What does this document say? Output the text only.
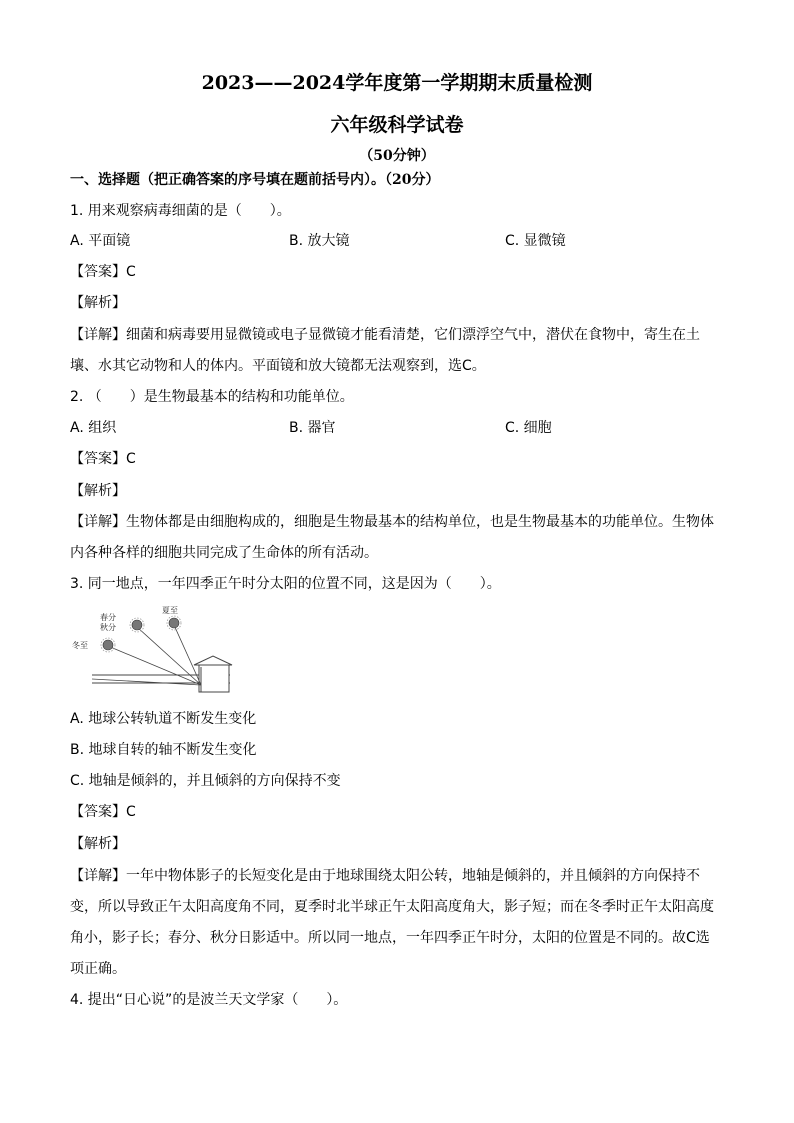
2023——2024学年度第一学期期末质量检测
六年级科学试卷
（50分钟）
一、选择题（把正确答案的序号填在题前括号内）。（20分）
1. 用来观察病毒细菌的是（　　）。
A. 平面镜	B. 放大镜	C. 显微镜
【答案】C
【解析】
【详解】细菌和病毒要用显微镜或电子显微镜才能看清楚，它们漂浮空气中，潜伏在食物中，寄生在土
壤、水其它动物和人的体内。平面镜和放大镜都无法观察到，选C。
2. （　　）是生物最基本的结构和功能单位。
A. 组织	B. 器官	C. 细胞
【答案】C
【解析】
【详解】生物体都是由细胞构成的，细胞是生物最基本的结构单位，也是生物最基本的功能单位。生物体
内各种各样的细胞共同完成了生命体的所有活动。
3. 同一地点，一年四季正午时分太阳的位置不同，这是因为（　　）。
夏至
春分
秋分
冬至
A. 地球公转轨道不断发生变化
B. 地球自转的轴不断发生变化
C. 地轴是倾斜的，并且倾斜的方向保持不变
【答案】C
【解析】
【详解】一年中物体影子的长短变化是由于地球围绕太阳公转，地轴是倾斜的，并且倾斜的方向保持不
变，所以导致正午太阳高度角不同，夏季时北半球正午太阳高度角大，影子短；而在冬季时正午太阳高度
角小，影子长；春分、秋分日影适中。所以同一地点，一年四季正午时分，太阳的位置是不同的。故C选
项正确。
4. 提出“日心说”的是波兰天文学家（　　）。
